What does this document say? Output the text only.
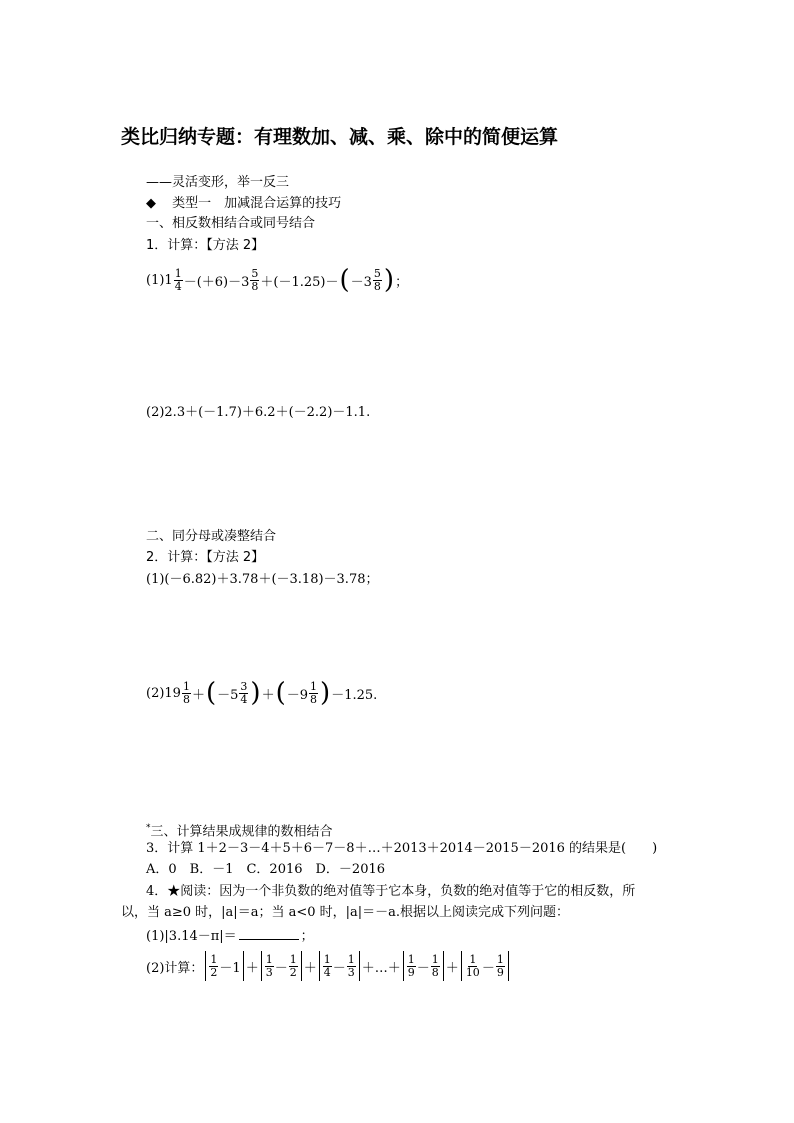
类比归纳专题：有理数加、减、乘、除中的简便运算
——灵活变形，举一反三
◆ 类型一　加减混合运算的技巧
一、相反数相结合或同号结合
1．计算：【方法 2】
(1) $1 \frac{1}{4} -(+6)-3 \frac{5}{8} +(-1.25)-$ ( $-3 \frac{5}{8}$ ) ；
(2)2.3＋(－1.7)＋6.2＋(－2.2)－1.1.
二、同分母或凑整结合
2．计算：【方法 2】
(1)(－6.82)＋3.78＋(－3.18)－3.78；
$(2)19 \frac{1}{8}$ ＋ ( $-5 \frac{3}{4}$ ) ＋ ( $-9 \frac{1}{8}$ ) －1.25.
*三、计算结果成规律的数相结合
3．计算 1＋2－3－4＋5＋6－7－8＋…＋2013＋2014－2015－2016 的结果是(　　)
A．0　B．－1　C．2016　D．－2016
4．★阅读：因为一个非负数的绝对值等于它本身，负数的绝对值等于它的相反数，所
以，当 a≥0 时，|a|＝a；当 a<0 时，|a|＝－a.根据以上阅读完成下列问题：
(1)|3.14－π|＝	；
(2)计算： $\frac{1}{2} -1 + \frac{1}{3} - \frac{1}{2} + \frac{1}{4} - \frac{1}{3}$ ＋…＋ $\frac{1}{9} - \frac{1}{8} + \frac{1}{10} - \frac{1}{9}$
